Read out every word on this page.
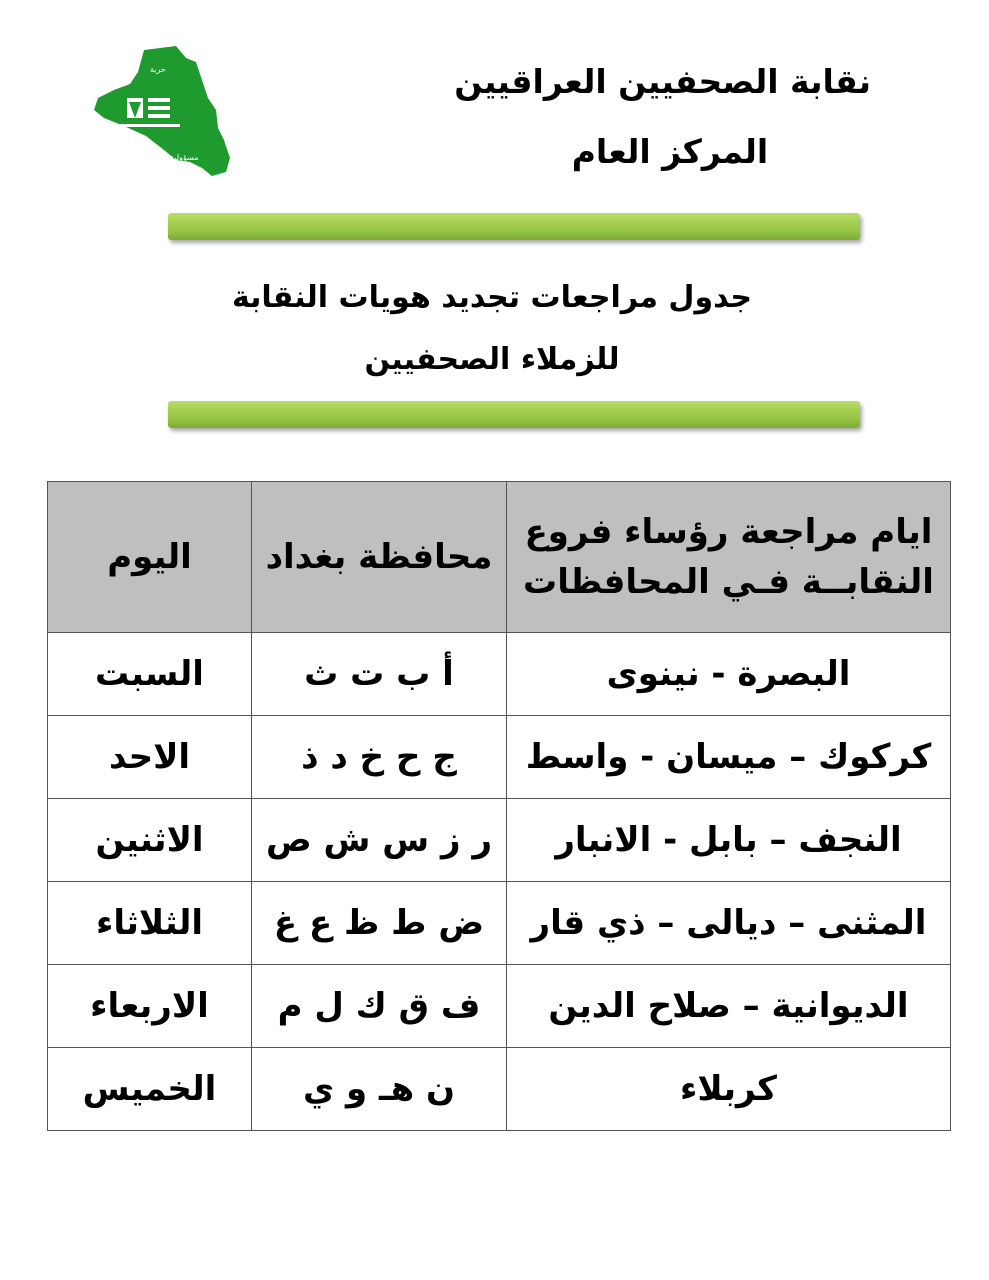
حرية
مسؤولية
نقابة الصحفيين العراقيين
المركز العام
جدول مراجعات تجديد هويات النقابة
للزملاء الصحفيين
ايام مراجعة رؤساء فروع
النقابــة فـي المحافظات	محافظة بغداد	اليوم
البصرة - نينوى	أ ب ت ث	السبت
كركوك – ميسان - واسط	ج ح خ د ذ	الاحد
النجف – بابل - الانبار	ر ز س ش ص	الاثنين
المثنى – ديالى – ذي قار	ض ط ظ ع غ	الثلاثاء
الديوانية – صلاح الدين	ف ق ك ل م	الاربعاء
كربلاء	ن هـ و ي	الخميس
